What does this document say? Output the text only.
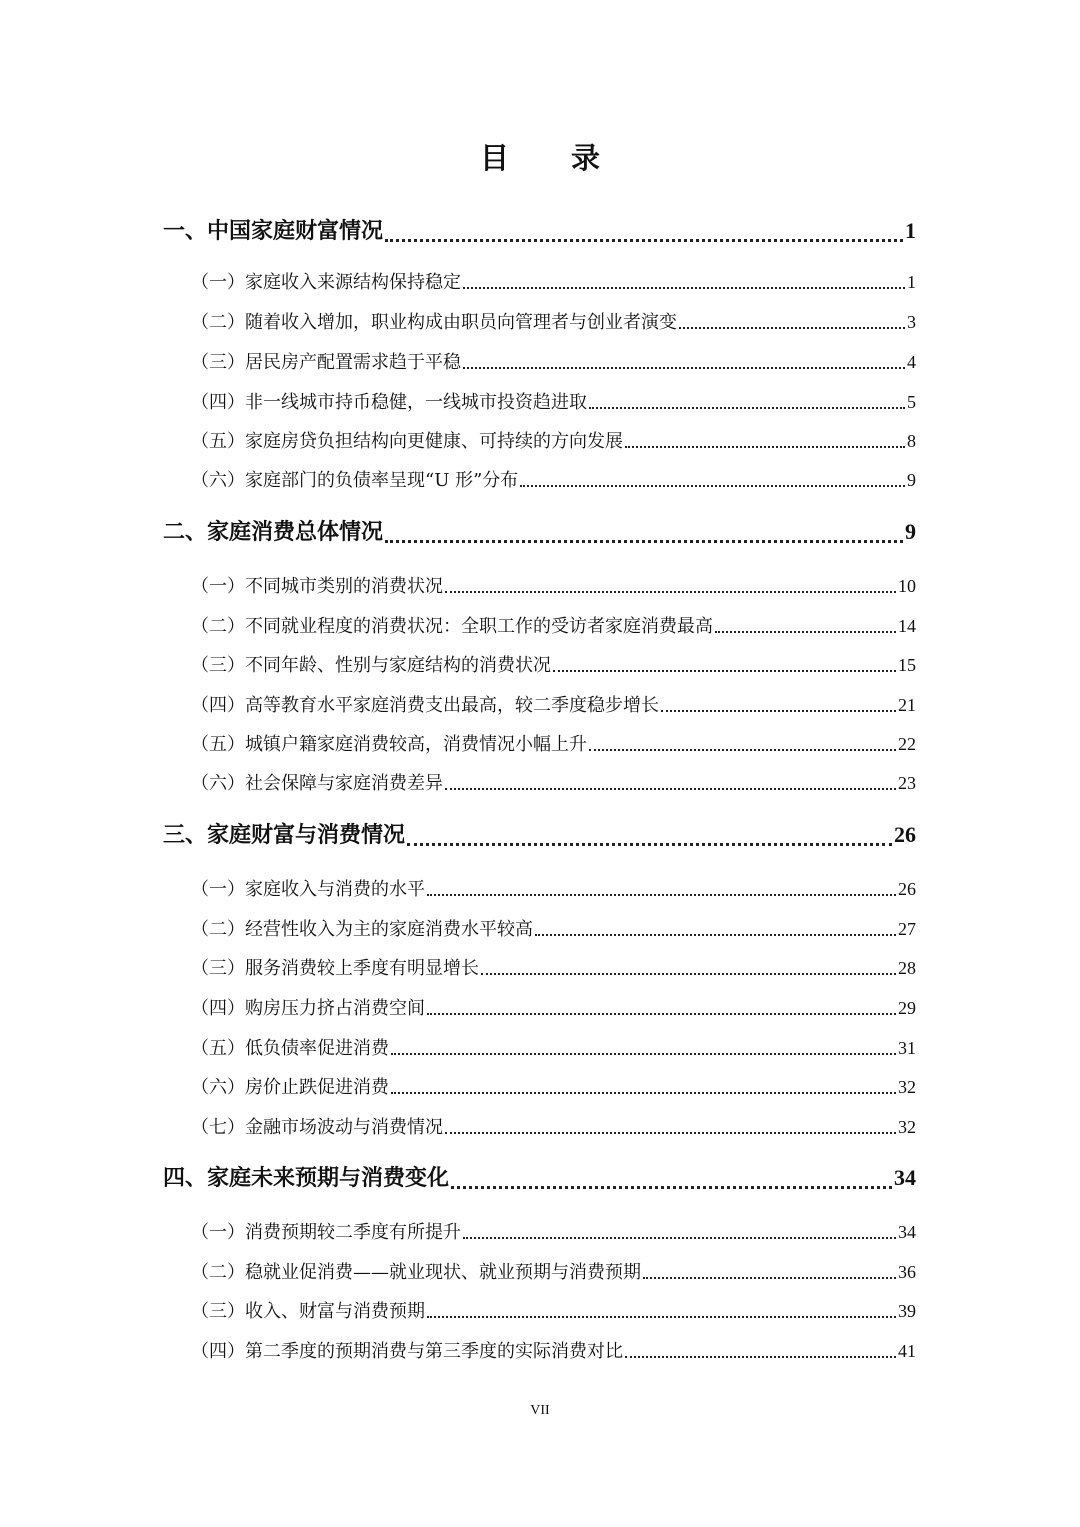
目 录
一、中国家庭财富情况	1
（一）家庭收入来源结构保持稳定	1
（二）随着收入增加，职业构成由职员向管理者与创业者演变	3
（三）居民房产配置需求趋于平稳	4
（四）非一线城市持币稳健，一线城市投资趋进取	5
（五）家庭房贷负担结构向更健康、可持续的方向发展	8
（六）家庭部门的负债率呈现“U 形”分布	9
二、家庭消费总体情况	9
（一）不同城市类别的消费状况	10
（二）不同就业程度的消费状况：全职工作的受访者家庭消费最高	14
（三）不同年龄、性别与家庭结构的消费状况	15
（四）高等教育水平家庭消费支出最高，较二季度稳步增长	21
（五）城镇户籍家庭消费较高，消费情况小幅上升	22
（六）社会保障与家庭消费差异	23
三、家庭财富与消费情况	26
（一）家庭收入与消费的水平	26
（二）经营性收入为主的家庭消费水平较高	27
（三）服务消费较上季度有明显增长	28
（四）购房压力挤占消费空间	29
（五）低负债率促进消费	31
（六）房价止跌促进消费	32
（七）金融市场波动与消费情况	32
四、家庭未来预期与消费变化	34
（一）消费预期较二季度有所提升	34
（二）稳就业促消费——就业现状、就业预期与消费预期	36
（三）收入、财富与消费预期	39
（四）第二季度的预期消费与第三季度的实际消费对比	41
VII
